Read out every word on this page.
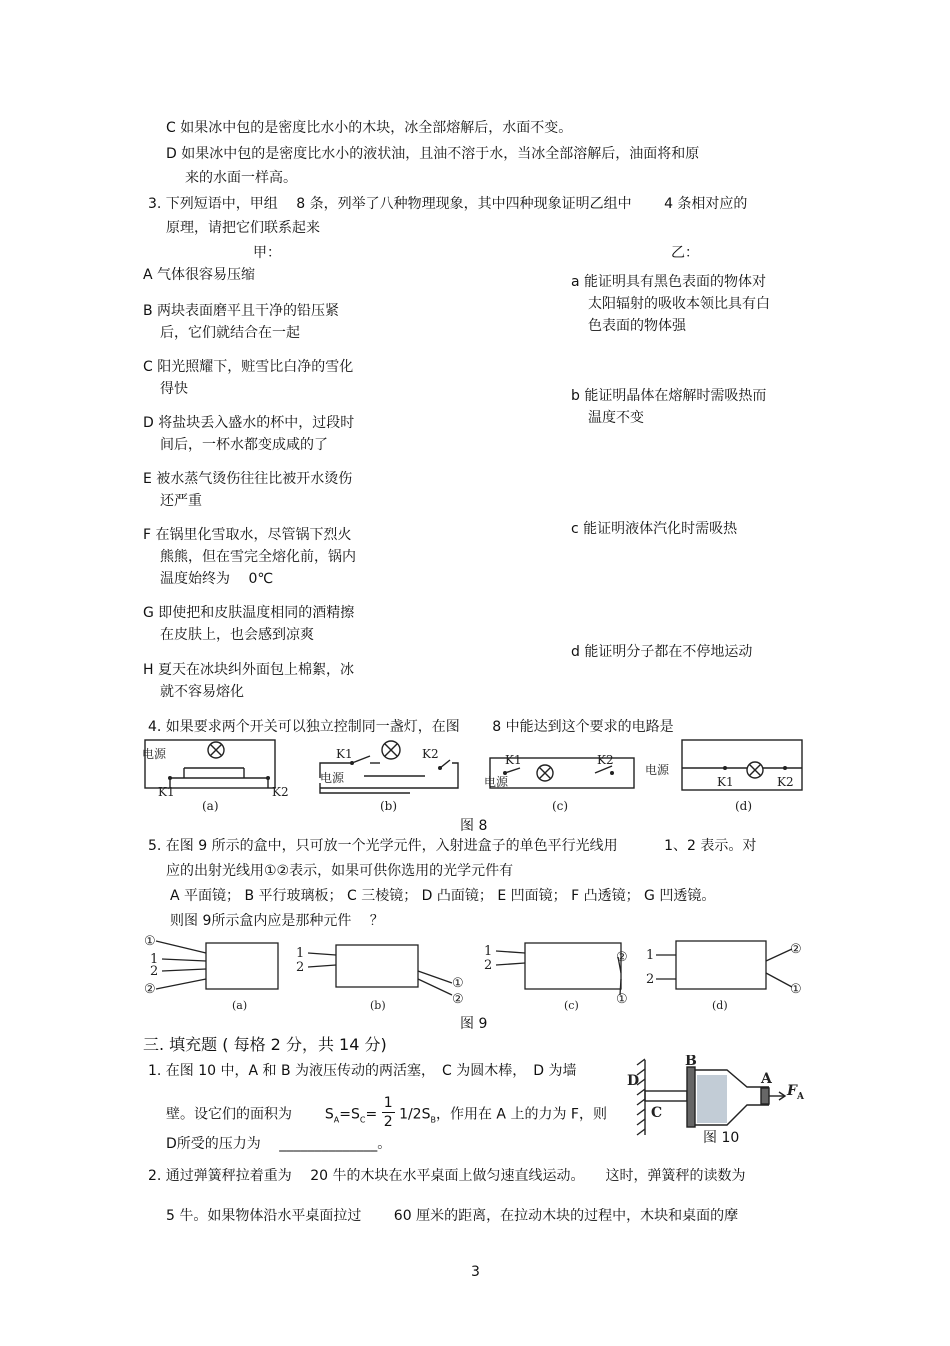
C 如果冰中包的是密度比水小的木块，冰全部熔解后，水面不变。
D 如果冰中包的是密度比水小的液状油，且油不溶于水，当冰全部溶解后，油面将和原
来的水面一样高。
3. 下列短语中，甲组 　8 条，列举了八种物理现象，其中四种现象证明乙组中 　　4 条相对应的
原理，请把它们联系起来
甲：	乙：
A 气体很容易压缩
B 两块表面磨平且干净的铅压紧
后，它们就结合在一起
C 阳光照耀下，赃雪比白净的雪化
得快
D 将盐块丢入盛水的杯中，过段时
间后，一杯水都变成咸的了
E 被水蒸气烫伤往往比被开水烫伤
还严重
F 在锅里化雪取水，尽管锅下烈火
熊熊，但在雪完全熔化前，锅内
温度始终为 　0℃
G 即使把和皮肤温度相同的酒精擦
在皮肤上，也会感到凉爽
H 夏天在冰块纠外面包上棉絮，冰
就不容易熔化
a 能证明具有黑色表面的物体对
太阳辐射的吸收本领比具有白
色表面的物体强
b 能证明晶体在熔解时需吸热而
温度不变
c 能证明液体汽化时需吸热
d 能证明分子都在不停地运动
4. 如果要求两个开关可以独立控制同一盏灯，在图 　　8 中能达到这个要求的电路是
电源
K1	K2
K1	K2
电源
K1	K2
电源
电源
K1	K2
(a)	(b)	(c)	(d)
图 8
5. 在图 9 所示的盒中，只可放一个光学元件，入射进盒子的单色平行光线用 　　　1、2 表示。对
应的出射光线用①②表示，如果可供你选用的光学元件有
A 平面镜； B 平行玻璃板； C 三棱镜； D 凸面镜； E 凹面镜； F 凸透镜； G 凹透镜。
则图 9所示盒内应是那种元件 　？
①
1
2
②
1
2
①
②
1
2
②
①
1
2
②
①
(a)	(b)	(c)	(d)
图 9
三. 填充题 ( 每格 2 分，共 14 分)
1. 在图 10 中，A 和 B 为液压传动的两活塞，　C 为圆木棒，　D 为墙
壁。设它们的面积为 $S_A=S_C= \frac{1}{2} 1/2S_B$，作用在 A 上的力为 F，则
D所受的压力为 　______________。
D
B
C
A
F A
图 10
2. 通过弹簧秤拉着重为 　20 牛的木块在水平桌面上做匀速直线运动。　　这时，弹簧秤的读数为
5 牛。如果物体沿水平桌面拉过 　　60 厘米的距离，在拉动木块的过程中，木块和桌面的摩
3
